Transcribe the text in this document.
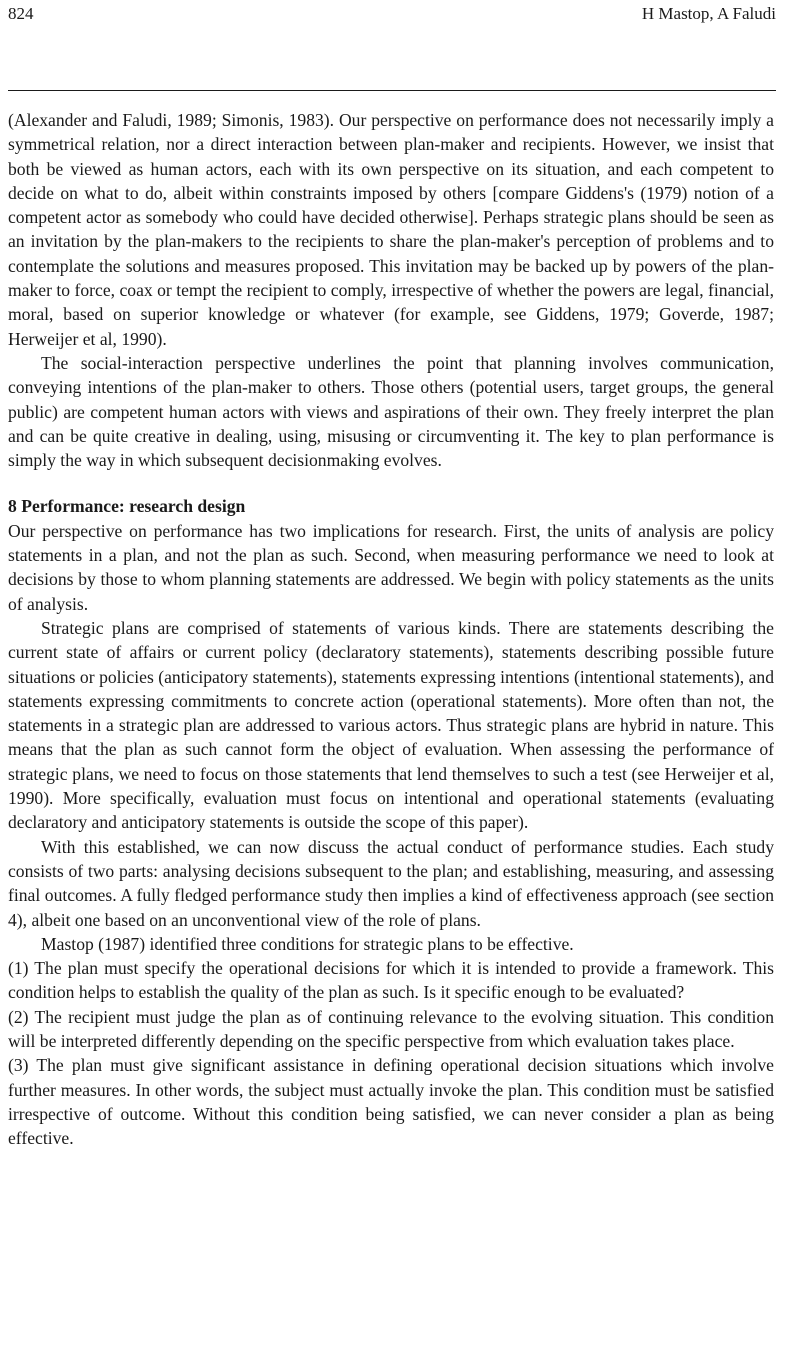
824	H Mastop, A Faludi

(Alexander and Faludi, 1989; Simonis, 1983). Our perspective on performance does not necessarily imply a symmetrical relation, nor a direct interaction between plan-maker and recipients. However, we insist that both be viewed as human actors, each with its own perspective on its situation, and each competent to decide on what to do, albeit within constraints imposed by others [compare Giddens's (1979) notion of a competent actor as somebody who could have decided otherwise]. Perhaps strategic plans should be seen as an invitation by the plan-makers to the recipients to share the plan-maker's perception of problems and to contemplate the solutions and measures proposed. This invitation may be backed up by powers of the plan-maker to force, coax or tempt the recipient to comply, irrespective of whether the powers are legal, financial, moral, based on superior knowledge or whatever (for example, see Giddens, 1979; Goverde, 1987; Herweijer et al, 1990).

The social-interaction perspective underlines the point that planning involves communication, conveying intentions of the plan-maker to others. Those others (potential users, target groups, the general public) are competent human actors with views and aspirations of their own. They freely interpret the plan and can be quite creative in dealing, using, misusing or circumventing it. The key to plan performance is simply the way in which subsequent decisionmaking evolves.

8 Performance: research design

Our perspective on performance has two implications for research. First, the units of analysis are policy statements in a plan, and not the plan as such. Second, when measuring performance we need to look at decisions by those to whom planning statements are addressed. We begin with policy statements as the units of analysis.

Strategic plans are comprised of statements of various kinds. There are statements describing the current state of affairs or current policy (declaratory statements), statements describing possible future situations or policies (anticipatory statements), statements expressing intentions (intentional statements), and statements expressing commitments to concrete action (operational statements). More often than not, the statements in a strategic plan are addressed to various actors. Thus strategic plans are hybrid in nature. This means that the plan as such cannot form the object of evaluation. When assessing the performance of strategic plans, we need to focus on those statements that lend themselves to such a test (see Herweijer et al, 1990). More specifically, evaluation must focus on intentional and operational statements (evaluating declaratory and anticipatory statements is outside the scope of this paper).

With this established, we can now discuss the actual conduct of performance studies. Each study consists of two parts: analysing decisions subsequent to the plan; and establishing, measuring, and assessing final outcomes. A fully fledged performance study then implies a kind of effectiveness approach (see section 4), albeit one based on an unconventional view of the role of plans.

Mastop (1987) identified three conditions for strategic plans to be effective.

(1) The plan must specify the operational decisions for which it is intended to provide a framework. This condition helps to establish the quality of the plan as such. Is it specific enough to be evaluated?

(2) The recipient must judge the plan as of continuing relevance to the evolving situation. This condition will be interpreted differently depending on the specific perspective from which evaluation takes place.

(3) The plan must give significant assistance in defining operational decision situations which involve further measures. In other words, the subject must actually invoke the plan. This condition must be satisfied irrespective of outcome. Without this condition being satisfied, we can never consider a plan as being effective.
